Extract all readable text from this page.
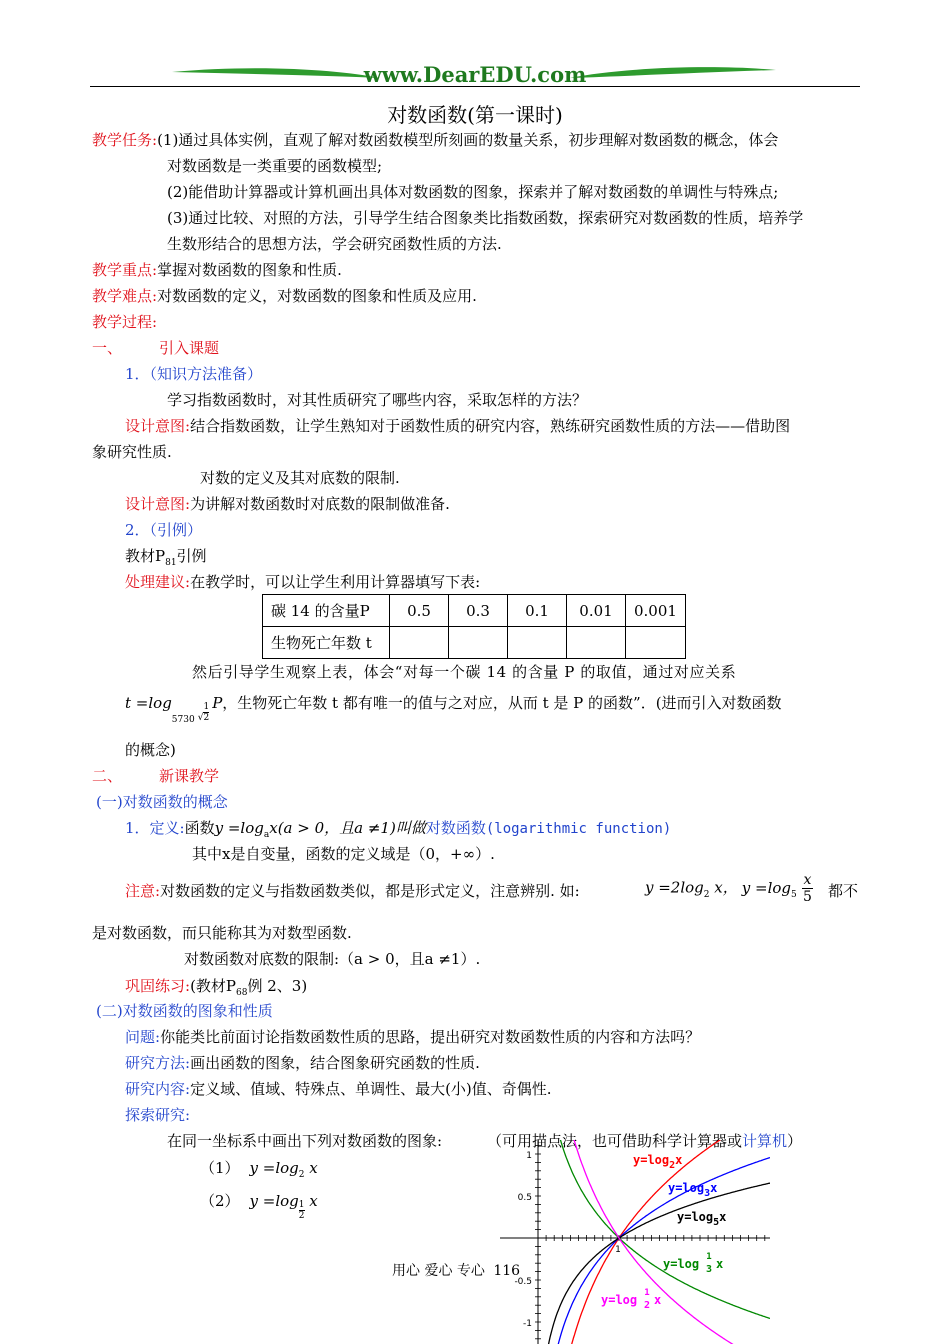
www.DearEDU.com
对数函数(第一课时)
教学任务:(1)通过具体实例，直观了解对数函数模型所刻画的数量关系，初步理解对数函数的概念，体会
对数函数是一类重要的函数模型;
(2)能借助计算器或计算机画出具体对数函数的图象，探索并了解对数函数的单调性与特殊点;
(3)通过比较、对照的方法，引导学生结合图象类比指数函数，探索研究对数函数的性质，培养学
生数形结合的思想方法，学会研究函数性质的方法.
教学重点:掌握对数函数的图象和性质.
教学难点:对数函数的定义，对数函数的图象和性质及应用.
教学过程:
一、 引入课题
1．（知识方法准备）
学习指数函数时，对其性质研究了哪些内容，采取怎样的方法？
设计意图:结合指数函数，让学生熟知对于函数性质的研究内容，熟练研究函数性质的方法——借助图
象研究性质.
对数的定义及其对底数的限制.
设计意图:为讲解对数函数时对底数的限制做准备.
2．（引例）
教材$P_{81}$引例
处理建议:在教学时，可以让学生利用计算器填写下表:
碳 14 的含量P	0.5	0.3	0.1	0.01	0.001
生物死亡年数 t					
然后引导学生观察上表，体会“对每一个碳 14 的含量 P 的取值，通过对应关系
$t =\log_{5730}$ √ $\frac{1}{2}$ P，生物死亡年数 t 都有唯一的值与之对应，从而 t 是 P 的函数”．(进而引入对数函数
的概念)
二、 新课教学
(一)对数函数的概念
1．定义:函数$y =\log_ax(a > 0$，且a ≠1)叫做对数函数(logarithmic function)
其中x是自变量，函数的定义域是（0，+∞）.
注意:对数函数的定义与指数函数类似，都是形式定义，注意辨别. 如:	$y =2\log_2$ x， $y =\log_5 \frac{x}{5}$ 都不
是对数函数，而只能称其为对数型函数.
对数函数对底数的限制:（a > 0，且a ≠1）.
巩固练习:(教材$P_{68}$例 2、3)
(二)对数函数的图象和性质
问题:你能类比前面讨论指数函数性质的思路，提出研究对数函数性质的内容和方法吗？
研究方法:画出函数的图象，结合图象研究函数的性质.
研究内容:定义域、值域、特殊点、单调性、最大(小)值、奇偶性.
探索研究:
在同一坐标系中画出下列对数函数的图象:	（可用描点法，也可借助科学计算器或计算机）
（1） $y =\log_2$ x
（2） $y =\log \frac{1}{2}$ x
1
0.5
-0.5
-1
1
$y=\log_2x$
$y=\log_3x$
$y=\log_5x$
y=log 1
3 x
y=log 1
2 x
用心 爱心 专心 116
